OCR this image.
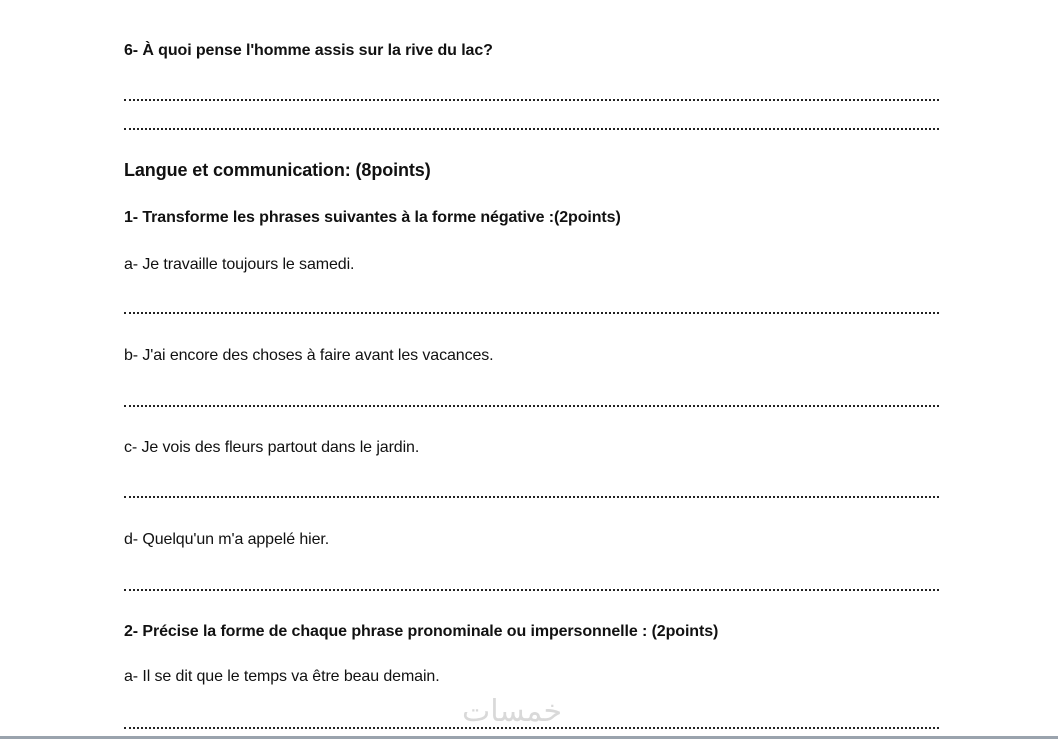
6- À quoi pense l'homme assis sur la rive du lac?
Langue et communication: (8points)
1- Transforme les phrases suivantes à la forme négative :(2points)
a- Je travaille toujours le samedi.
b- J'ai encore des choses à faire avant les vacances.
c- Je vois des fleurs partout dans le jardin.
d- Quelqu'un m'a appelé hier.
2- Précise la forme de chaque phrase pronominale ou impersonnelle : (2points)
a- Il se dit que le temps va être beau demain.
خمسات
